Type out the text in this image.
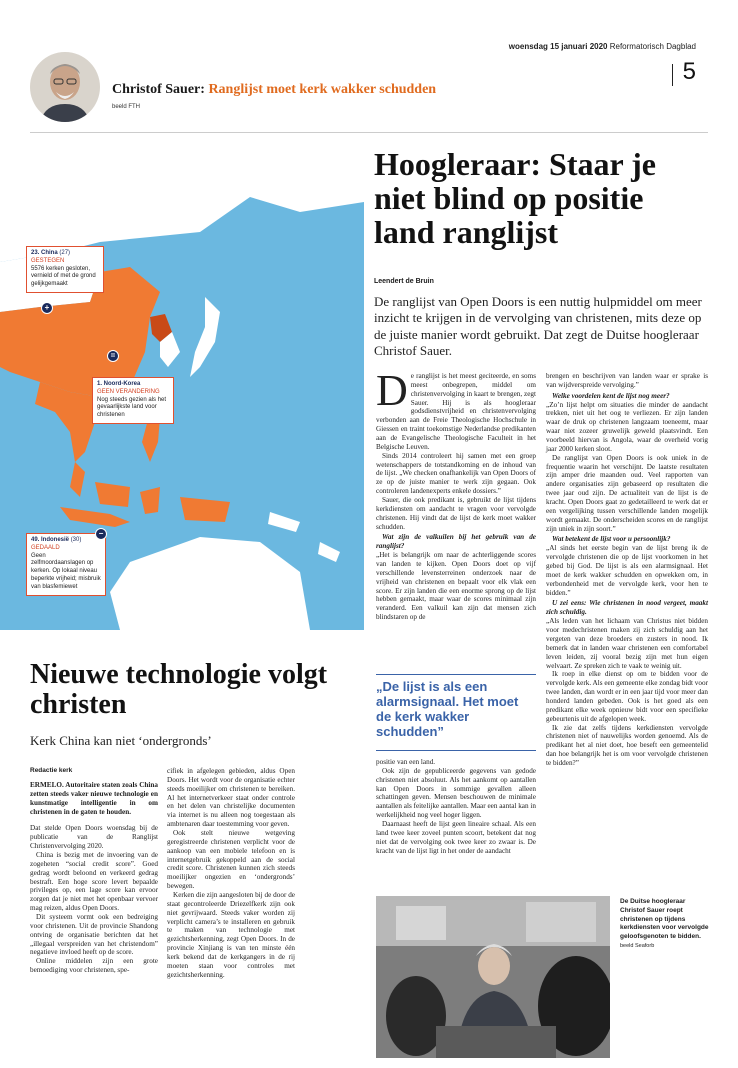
woensdag 15 januari 2020 Reformatorisch Dagblad
5
Christof Sauer: Ranglijst moet kerk wakker schudden
beeld FTH
23. China (27)
GESTEGEN
5576 kerken gesloten, vernield of met de grond gelijkgemaakt
+
1. Noord-Korea
GEEN VERANDERING
Nog steeds gezien als het gevaarlijkste land voor christenen
=
49. Indonesië (30)
GEDAALD
Geen zelfmoordaanslagen op kerken. Op lokaal niveau beperkte vrijheid; misbruik van blasfemiewet
−
Hoogleraar: Staar je niet blind op positie land ranglijst
Leendert de Bruin
De ranglijst van Open Doors is een nuttig hulpmiddel om meer inzicht te krijgen in de vervolging van christenen, mits deze op de juiste manier wordt gebruikt. Dat zegt de Duitse hoogleraar Christof Sauer.
D e ranglijst is het meest geciteerde, en soms meest onbegrepen, middel om christenvervolging in kaart te brengen, zegt Sauer. Hij is als hoogleraar godsdienstvrijheid en christenvervolging verbonden aan de Freie Theologische Hochschule in Giessen en traint toekomstige Nederlandse predikanten aan de Evangelische Theologische Faculteit in het Belgische Leuven.

Sinds 2014 controleert hij samen met een groep wetenschappers de totstandkoming en de inhoud van de lijst. „We checken onafhankelijk van Open Doors of ze op de juiste manier te werk zijn gegaan. Ook controleren landenexperts enkele dossiers.”

Sauer, die ook predikant is, gebruikt de lijst tijdens kerkdiensten om aandacht te vragen voor vervolgde christenen. Hij vindt dat de lijst de kerk moet wakker schudden.

Wat zijn de valkuilen bij het gebruik van de ranglijst?

„Het is belangrijk om naar de achterliggende scores van landen te kijken. Open Doors doet op vijf verschillende levensterreinen onderzoek naar de vrijheid van christenen en bepaalt voor elk vlak een score. Er zijn landen die een enorme sprong op de lijst hebben gemaakt, maar waar de scores minimaal zijn veranderd. Een valkuil kan zijn dat mensen zich blindstaren op de

„De lijst is als een alarmsignaal. Het moet de kerk wakker schudden”

positie van een land.

Ook zijn de gepubliceerde gegevens van gedode christenen niet absoluut. Als het aankomt op aantallen kan Open Doors in sommige gevallen alleen schattingen geven. Mensen beschouwen de minimale aantallen als feitelijke aantallen. Maar een aantal kan in werkelijkheid nog veel hoger liggen.

Daarnaast heeft de lijst geen lineaire schaal. Als een land twee keer zoveel punten scoort, betekent dat nog niet dat de vervolging ook twee keer zo zwaar is. De kracht van de lijst ligt in het onder de aandacht

brengen en beschrijven van landen waar er sprake is van wijdverspreide vervolging.”

Welke voordelen kent de lijst nog meer?

„Zo’n lijst helpt om situaties die minder de aandacht trekken, niet uit het oog te verliezen. Er zijn landen waar de druk op christenen langzaam toeneemt, maar waar niet zozeer gruwelijk geweld plaatsvindt. Een voorbeeld hiervan is Angola, waar de overheid vorig jaar 2000 kerken sloot.

De ranglijst van Open Doors is ook uniek in de frequentie waarin het verschijnt. De laatste resultaten zijn amper drie maanden oud. Veel rapporten van andere organisaties zijn gebaseerd op resultaten die twee jaar oud zijn. De actualiteit van de lijst is de kracht. Open Doors gaat zo gedetailleerd te werk dat er een vergelijking tussen verschillende landen mogelijk wordt gemaakt. De onderscheiden scores en de ranglijst zijn uniek in zijn soort.”

Wat betekent de lijst voor u persoonlijk?

„Al sinds het eerste begin van de lijst breng ik de vervolgde christenen die op de lijst voorkomen in het gebed bij God. De lijst is als een alarmsignaal. Het moet de kerk wakker schudden en opwekken om, in verbondenheid met de vervolgde kerk, voor hen te bidden.”

U zei eens: Wie christenen in nood vergeet, maakt zich schuldig.

„Als leden van het lichaam van Christus niet bidden voor medechristenen maken zij zich schuldig aan het vergeten van deze broeders en zusters in nood. Ik bemerk dat in landen waar christenen een comfortabel leven leiden, zij vooral bezig zijn met hun eigen welvaart. Ze spreken zich te vaak te weinig uit.

Ik roep in elke dienst op om te bidden voor de vervolgde kerk. Als een gemeente elke zondag bidt voor twee landen, dan wordt er in een jaar tijd voor meer dan honderd landen gebeden. Ook is het goed als een predikant elke week opnieuw bidt voor een specifieke gebeurtenis uit de afgelopen week.

Ik zie dat zelfs tijdens kerkdiensten vervolgde christenen niet of nauwelijks worden genoemd. Als de predikant het al niet doet, hoe beseft een gemeentelid dan hoe belangrijk het is om voor vervolgde christenen te bidden?”

De Duitse hoogleraar Christof Sauer roept christenen op tijdens kerkdiensten voor vervolgde geloofsgenoten te bidden. beeld Seaforb
Nieuwe technologie volgt christen
Kerk China kan niet ‘ondergronds’
Redactie kerk

ERMELO. Autoritaire staten zoals China zetten steeds vaker nieuwe technologie en kunstmatige intelligentie in om christenen in de gaten te houden.

Dat stelde Open Doors woensdag bij de publicatie van de Ranglijst Christenvervolging 2020.

China is bezig met de invoering van de zogeheten “social credit score”. Goed gedrag wordt beloond en verkeerd gedrag bestraft. Een hoge score levert bepaalde privileges op, een lage score kan ervoor zorgen dat je niet met het openbaar vervoer mag reizen, aldus Open Doors.

Dit systeem vormt ook een bedreiging voor christenen. Uit de provincie Shandong ontving de organisatie berichten dat het „illegaal verspreiden van het christendom” negatieve invloed heeft op de score.

Online middelen zijn een grote bemoediging voor christenen, spe-

cifiek in afgelegen gebieden, aldus Open Doors. Het wordt voor de organisatie echter steeds moeilijker om christenen te bereiken. Al het internetverkeer staat onder controle en het delen van christelijke documenten via internet is nu alleen nog toegestaan als ambtenaren daar toestemming voor geven.

Ook stelt nieuwe wetgeving geregistreerde christenen verplicht voor de aankoop van een mobiele telefoon en is internetgebruik gekoppeld aan de social credit score. Christenen kunnen zich steeds moeilijker ongezien en ‘ondergronds’ bewegen.

Kerken die zijn aangesloten bij de door de staat gecontroleerde Driezelfkerk zijn ook niet gevrijwaard. Steeds vaker worden zij verplicht camera’s te installeren en gebruik te maken van technologie met gezichtsherkenning, zegt Open Doors. In de provincie Xinjiang is van ten minste één kerk bekend dat de kerkgangers in de rij moeten staan voor controles met gezichtsherkenning.
